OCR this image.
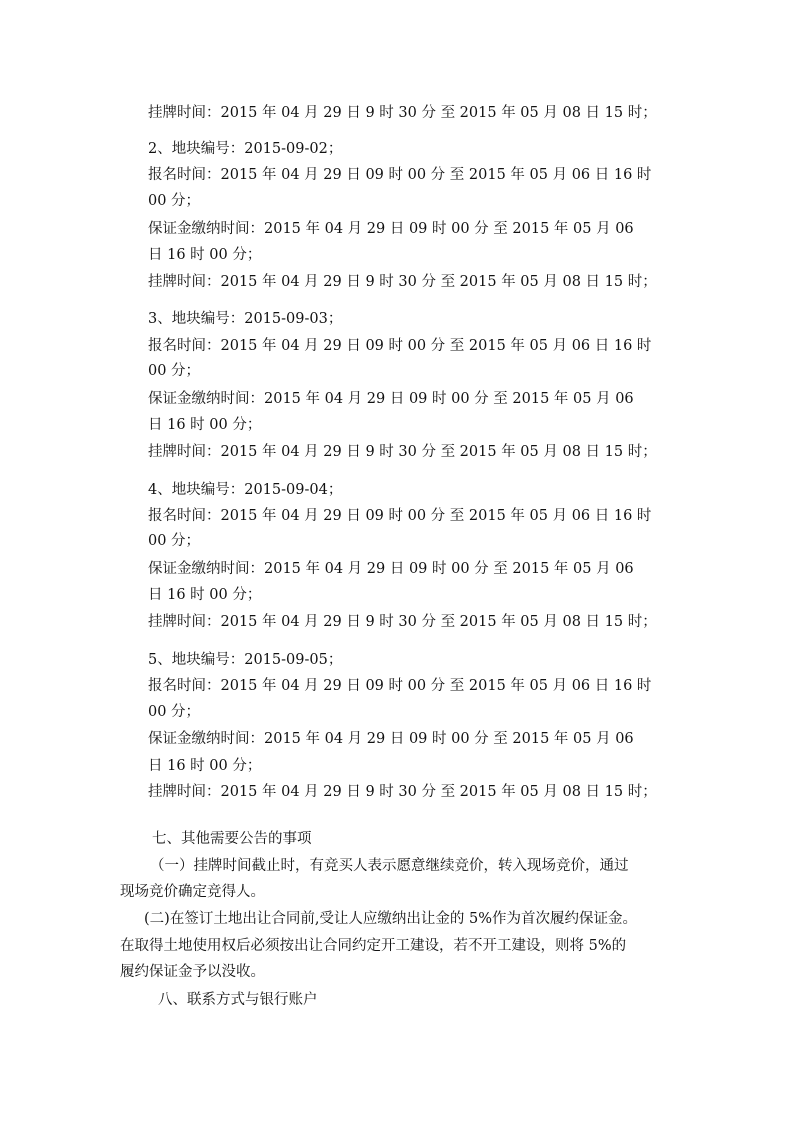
挂牌时间：2015 年 04 月 29 日 9 时 30 分 至 2015 年 05 月 08 日 15 时；
2、地块编号：2015-09-02；
报名时间：2015 年 04 月 29 日 09 时 00 分 至 2015 年 05 月 06 日 16 时
00 分；
保证金缴纳时间：2015 年 04 月 29 日 09 时 00 分 至 2015 年 05 月 06
日 16 时 00 分；
挂牌时间：2015 年 04 月 29 日 9 时 30 分 至 2015 年 05 月 08 日 15 时；
3、地块编号：2015-09-03；
报名时间：2015 年 04 月 29 日 09 时 00 分 至 2015 年 05 月 06 日 16 时
00 分；
保证金缴纳时间：2015 年 04 月 29 日 09 时 00 分 至 2015 年 05 月 06
日 16 时 00 分；
挂牌时间：2015 年 04 月 29 日 9 时 30 分 至 2015 年 05 月 08 日 15 时；
4、地块编号：2015-09-04；
报名时间：2015 年 04 月 29 日 09 时 00 分 至 2015 年 05 月 06 日 16 时
00 分；
保证金缴纳时间：2015 年 04 月 29 日 09 时 00 分 至 2015 年 05 月 06
日 16 时 00 分；
挂牌时间：2015 年 04 月 29 日 9 时 30 分 至 2015 年 05 月 08 日 15 时；
5、地块编号：2015-09-05；
报名时间：2015 年 04 月 29 日 09 时 00 分 至 2015 年 05 月 06 日 16 时
00 分；
保证金缴纳时间：2015 年 04 月 29 日 09 时 00 分 至 2015 年 05 月 06
日 16 时 00 分；
挂牌时间：2015 年 04 月 29 日 9 时 30 分 至 2015 年 05 月 08 日 15 时；
七、其他需要公告的事项
（一）挂牌时间截止时，有竞买人表示愿意继续竞价，转入现场竞价，通过
现场竞价确定竞得人。
(二)在签订土地出让合同前,受让人应缴纳出让金的 5%作为首次履约保证金。
在取得土地使用权后必须按出让合同约定开工建设，若不开工建设，则将 5%的
履约保证金予以没收。
八、联系方式与银行账户
